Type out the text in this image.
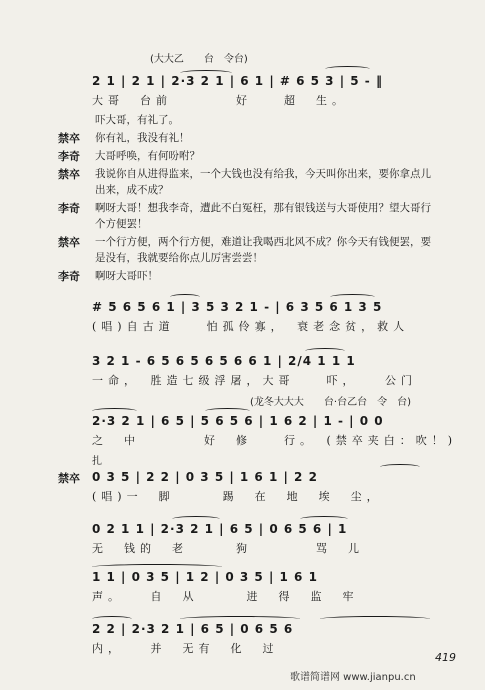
(大大乙　　台　令台)
2 1 | 2 1 | 2·3 2 1 | 6 1 | # 6 5 3 | 5 - ‖
大哥　台前　　　　好　　超　生。
吓大哥，有礼了。
禁卒 你有礼，我没有礼！
李奇 大哥呼唤，有何吩咐？
禁卒 我说你自从进得监来，一个大钱也没有给我，今天叫你出来，要你拿点儿出来，成不成？
李奇 啊呀大哥！想我李奇，遭此不白冤枉，那有银钱送与大哥使用？望大哥行个方便罢！
禁卒 一个行方便，两个行方便，难道让我喝西北风不成？你今天有钱便罢，要是没有，我就要给你点儿厉害尝尝！
李奇 啊呀大哥吓！
# 5 6 5 6 1 | 3 5 3 2 1 - | 6 3 5 6 1 3 5
(唱)自古道　　怕孤伶寡，　衰老念贫，救人
3 2 1 - 6 5 6 5 6 5 6 6 1 | 2/4 1 1 1
一命，　胜造七级浮屠，大哥　　吓，　　公门
(龙冬大大大　　台·台乙台　令　台)
2·3 2 1 | 6 5 | 5 6 5 6 | 1 6 2 | 1 - | 0 0
之　中　　　　好　修　　行。　(禁卒夹白：吹！)
扎
禁卒 0 3 5 | 2 2 | 0 3 5 | 1 6 1 | 2 2
(唱)一　脚　　　踢　在　地　埃　尘，
0 2 1 1 | 2·3 2 1 | 6 5 | 0 6 5 6 | 1
无　钱的　老　　　狗　　　　骂　儿
1 1 | 0 3 5 | 1 2 | 0 3 5 | 1 6 1
声。　　自　从　　　进　得　监　牢
2 2 | 2·3 2 1 | 6 5 | 0 6 5 6
内，　　并　无有　化　过
歌谱简谱网 www.jianpu.cn
419
